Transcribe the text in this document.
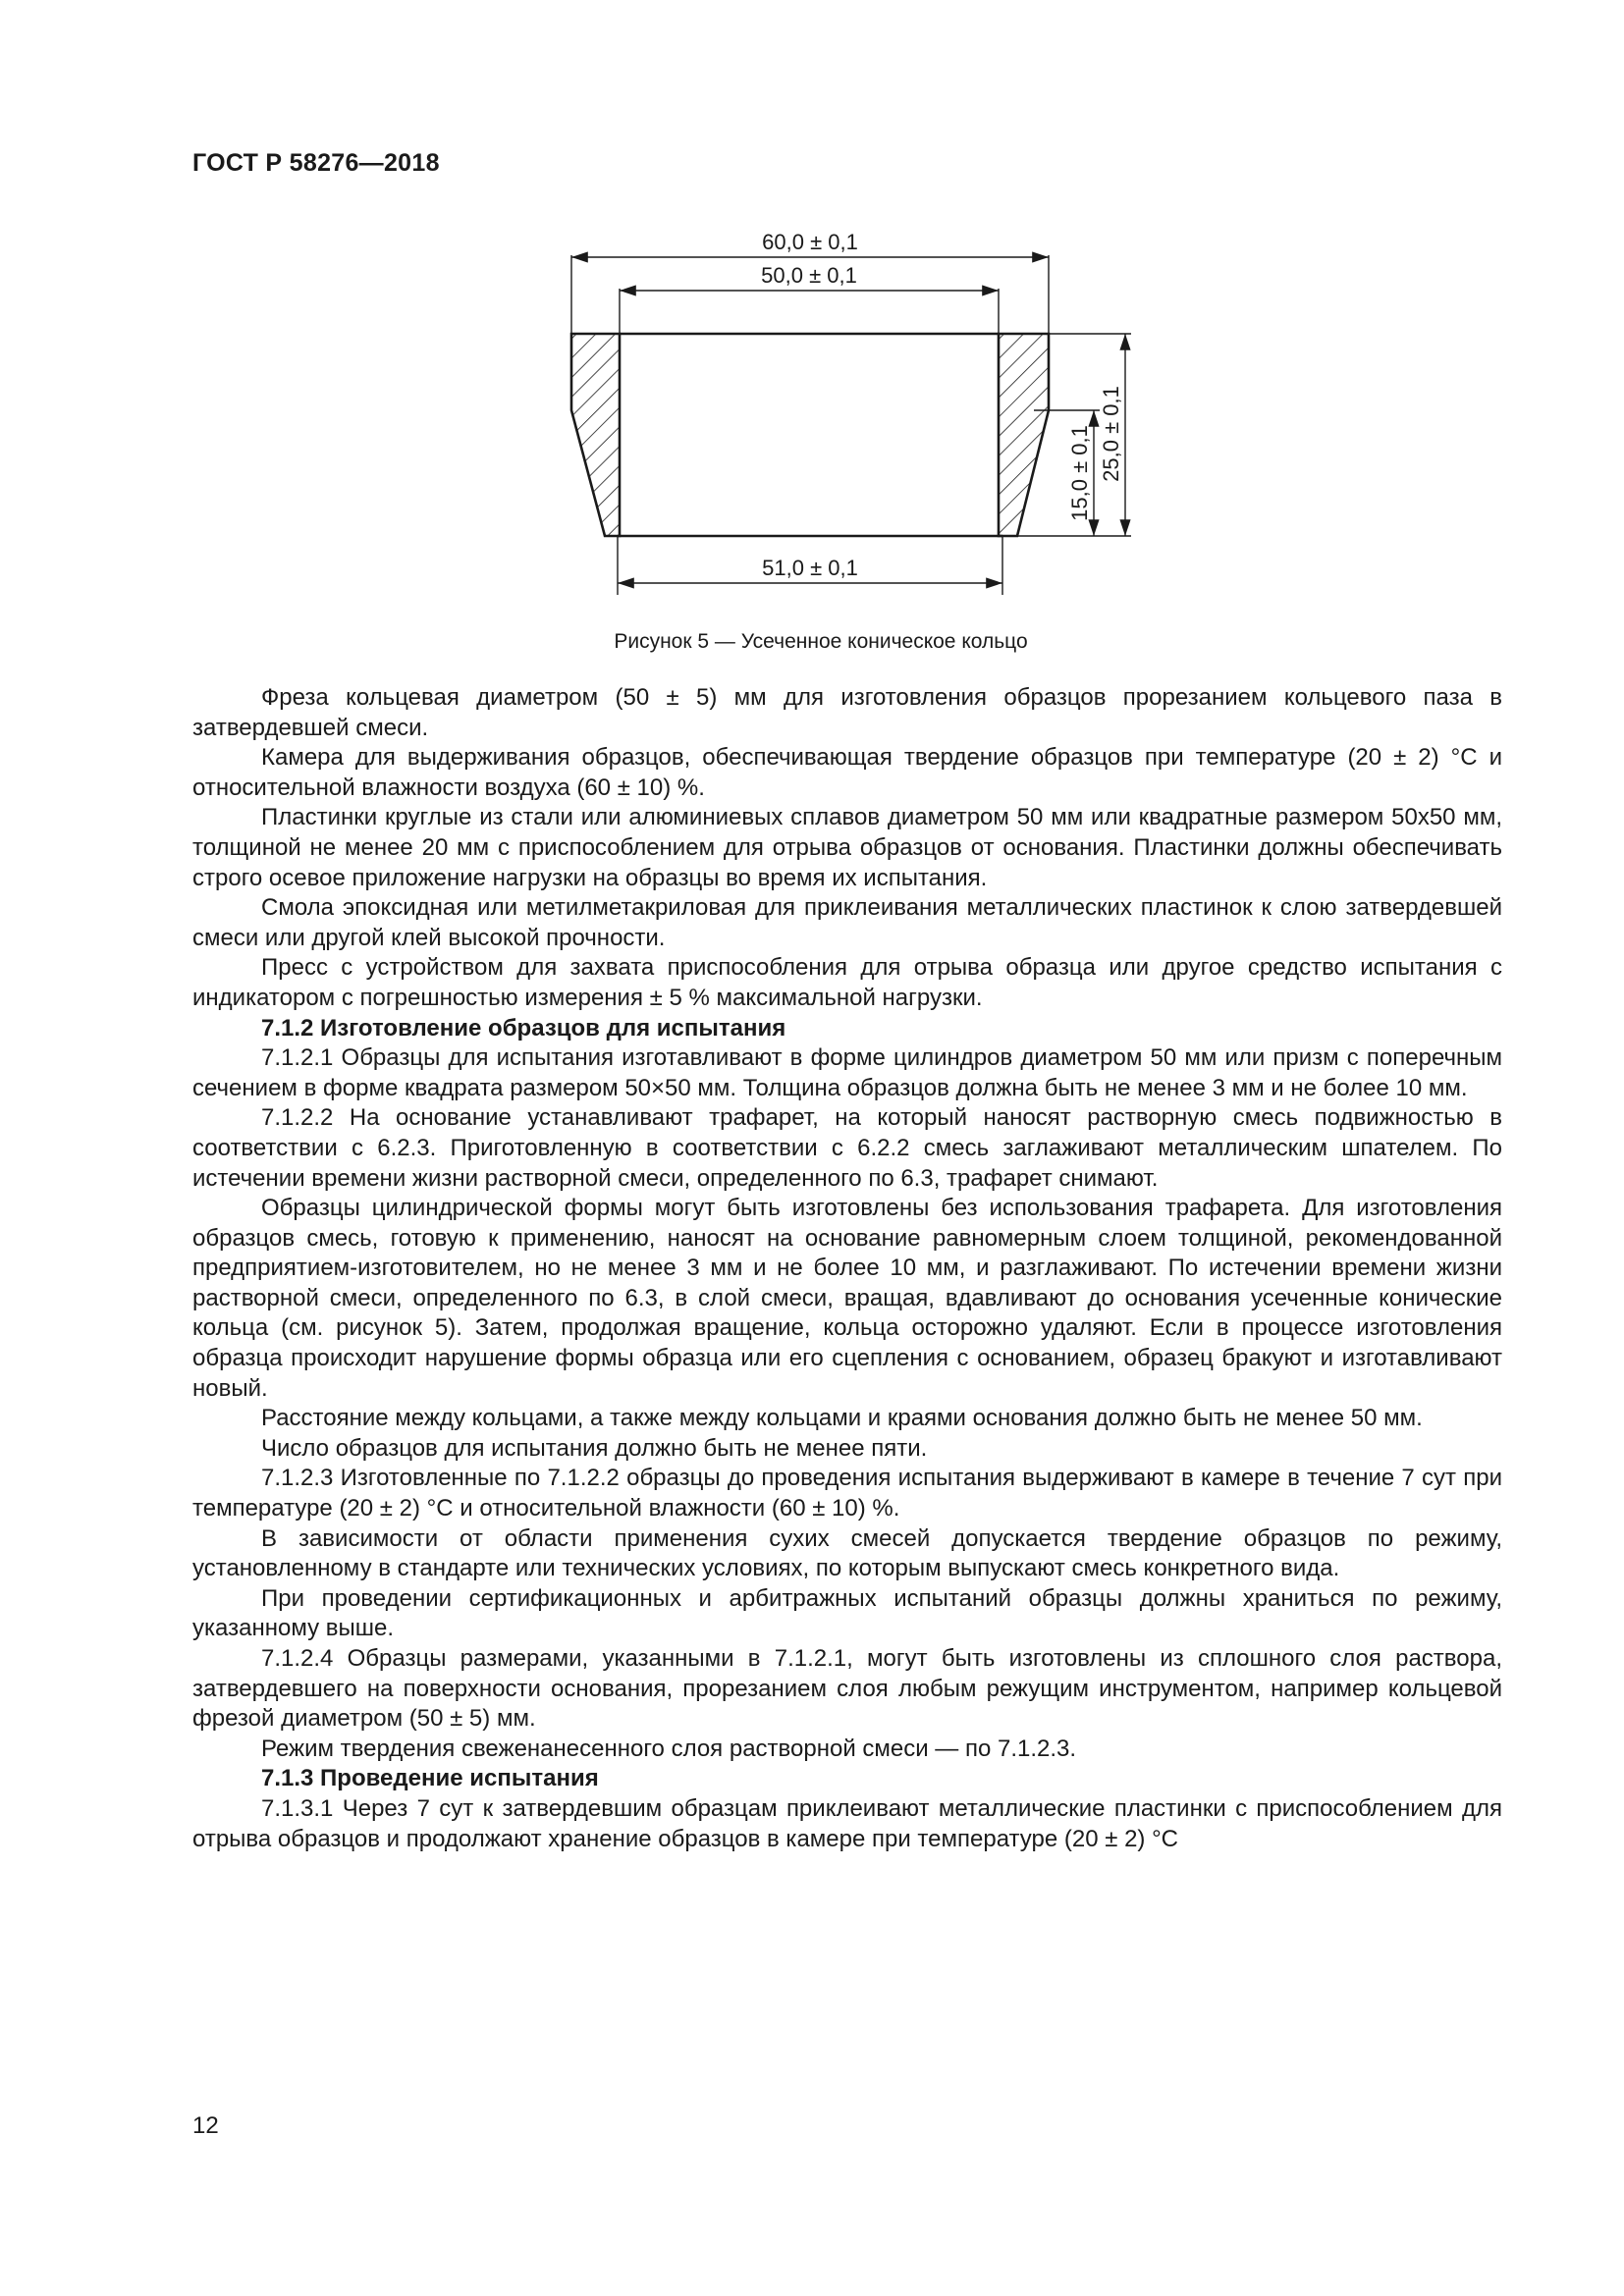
ГОСТ Р 58276—2018
60,0 ± 0,1
50,0 ± 0,1
51,0 ± 0,1
15,0 ± 0,1 25,0 ± 0,1
Рисунок 5 — Усеченное коническое кольцо

Фреза кольцевая диаметром (50 ± 5) мм для изготовления образцов прорезанием кольцевого паза в затвердевшей смеси.

Камера для выдерживания образцов, обеспечивающая твердение образцов при температуре (20 ± 2) °С и относительной влажности воздуха (60 ± 10) %.

Пластинки круглые из стали или алюминиевых сплавов диаметром 50 мм или квадратные размером 50x50 мм, толщиной не менее 20 мм с приспособлением для отрыва образцов от основания. Пластинки должны обеспечивать строго осевое приложение нагрузки на образцы во время их испытания.

Смола эпоксидная или метилметакриловая для приклеивания металлических пластинок к слою затвердевшей смеси или другой клей высокой прочности.

Пресс с устройством для захвата приспособления для отрыва образца или другое средство испытания с индикатором с погрешностью измерения ± 5 % максимальной нагрузки.

7.1.2 Изготовление образцов для испытания

7.1.2.1 Образцы для испытания изготавливают в форме цилиндров диаметром 50 мм или призм с поперечным сечением в форме квадрата размером 50×50 мм. Толщина образцов должна быть не менее 3 мм и не более 10 мм.

7.1.2.2 На основание устанавливают трафарет, на который наносят растворную смесь подвижностью в соответствии с 6.2.3. Приготовленную в соответствии с 6.2.2 смесь заглаживают металлическим шпателем. По истечении времени жизни растворной смеси, определенного по 6.3, трафарет снимают.

Образцы цилиндрической формы могут быть изготовлены без использования трафарета. Для изготовления образцов смесь, готовую к применению, наносят на основание равномерным слоем толщиной, рекомендованной предприятием-изготовителем, но не менее 3 мм и не более 10 мм, и разглаживают. По истечении времени жизни растворной смеси, определенного по 6.3, в слой смеси, вращая, вдавливают до основания усеченные конические кольца (см. рисунок 5). Затем, продолжая вращение, кольца осторожно удаляют. Если в процессе изготовления образца происходит нарушение формы образца или его сцепления с основанием, образец бракуют и изготавливают новый.

Расстояние между кольцами, а также между кольцами и краями основания должно быть не менее 50 мм.

Число образцов для испытания должно быть не менее пяти.

7.1.2.3 Изготовленные по 7.1.2.2 образцы до проведения испытания выдерживают в камере в течение 7 сут при температуре (20 ± 2) °С и относительной влажности (60 ± 10) %.

В зависимости от области применения сухих смесей допускается твердение образцов по режиму, установленному в стандарте или технических условиях, по которым выпускают смесь конкретного вида.

При проведении сертификационных и арбитражных испытаний образцы должны храниться по режиму, указанному выше.

7.1.2.4 Образцы размерами, указанными в 7.1.2.1, могут быть изготовлены из сплошного слоя раствора, затвердевшего на поверхности основания, прорезанием слоя любым режущим инструментом, например кольцевой фрезой диаметром (50 ± 5) мм.

Режим твердения свеженанесенного слоя растворной смеси — по 7.1.2.3.

7.1.3 Проведение испытания

7.1.3.1 Через 7 сут к затвердевшим образцам приклеивают металлические пластинки с приспособлением для отрыва образцов и продолжают хранение образцов в камере при температуре (20 ± 2) °С

12
